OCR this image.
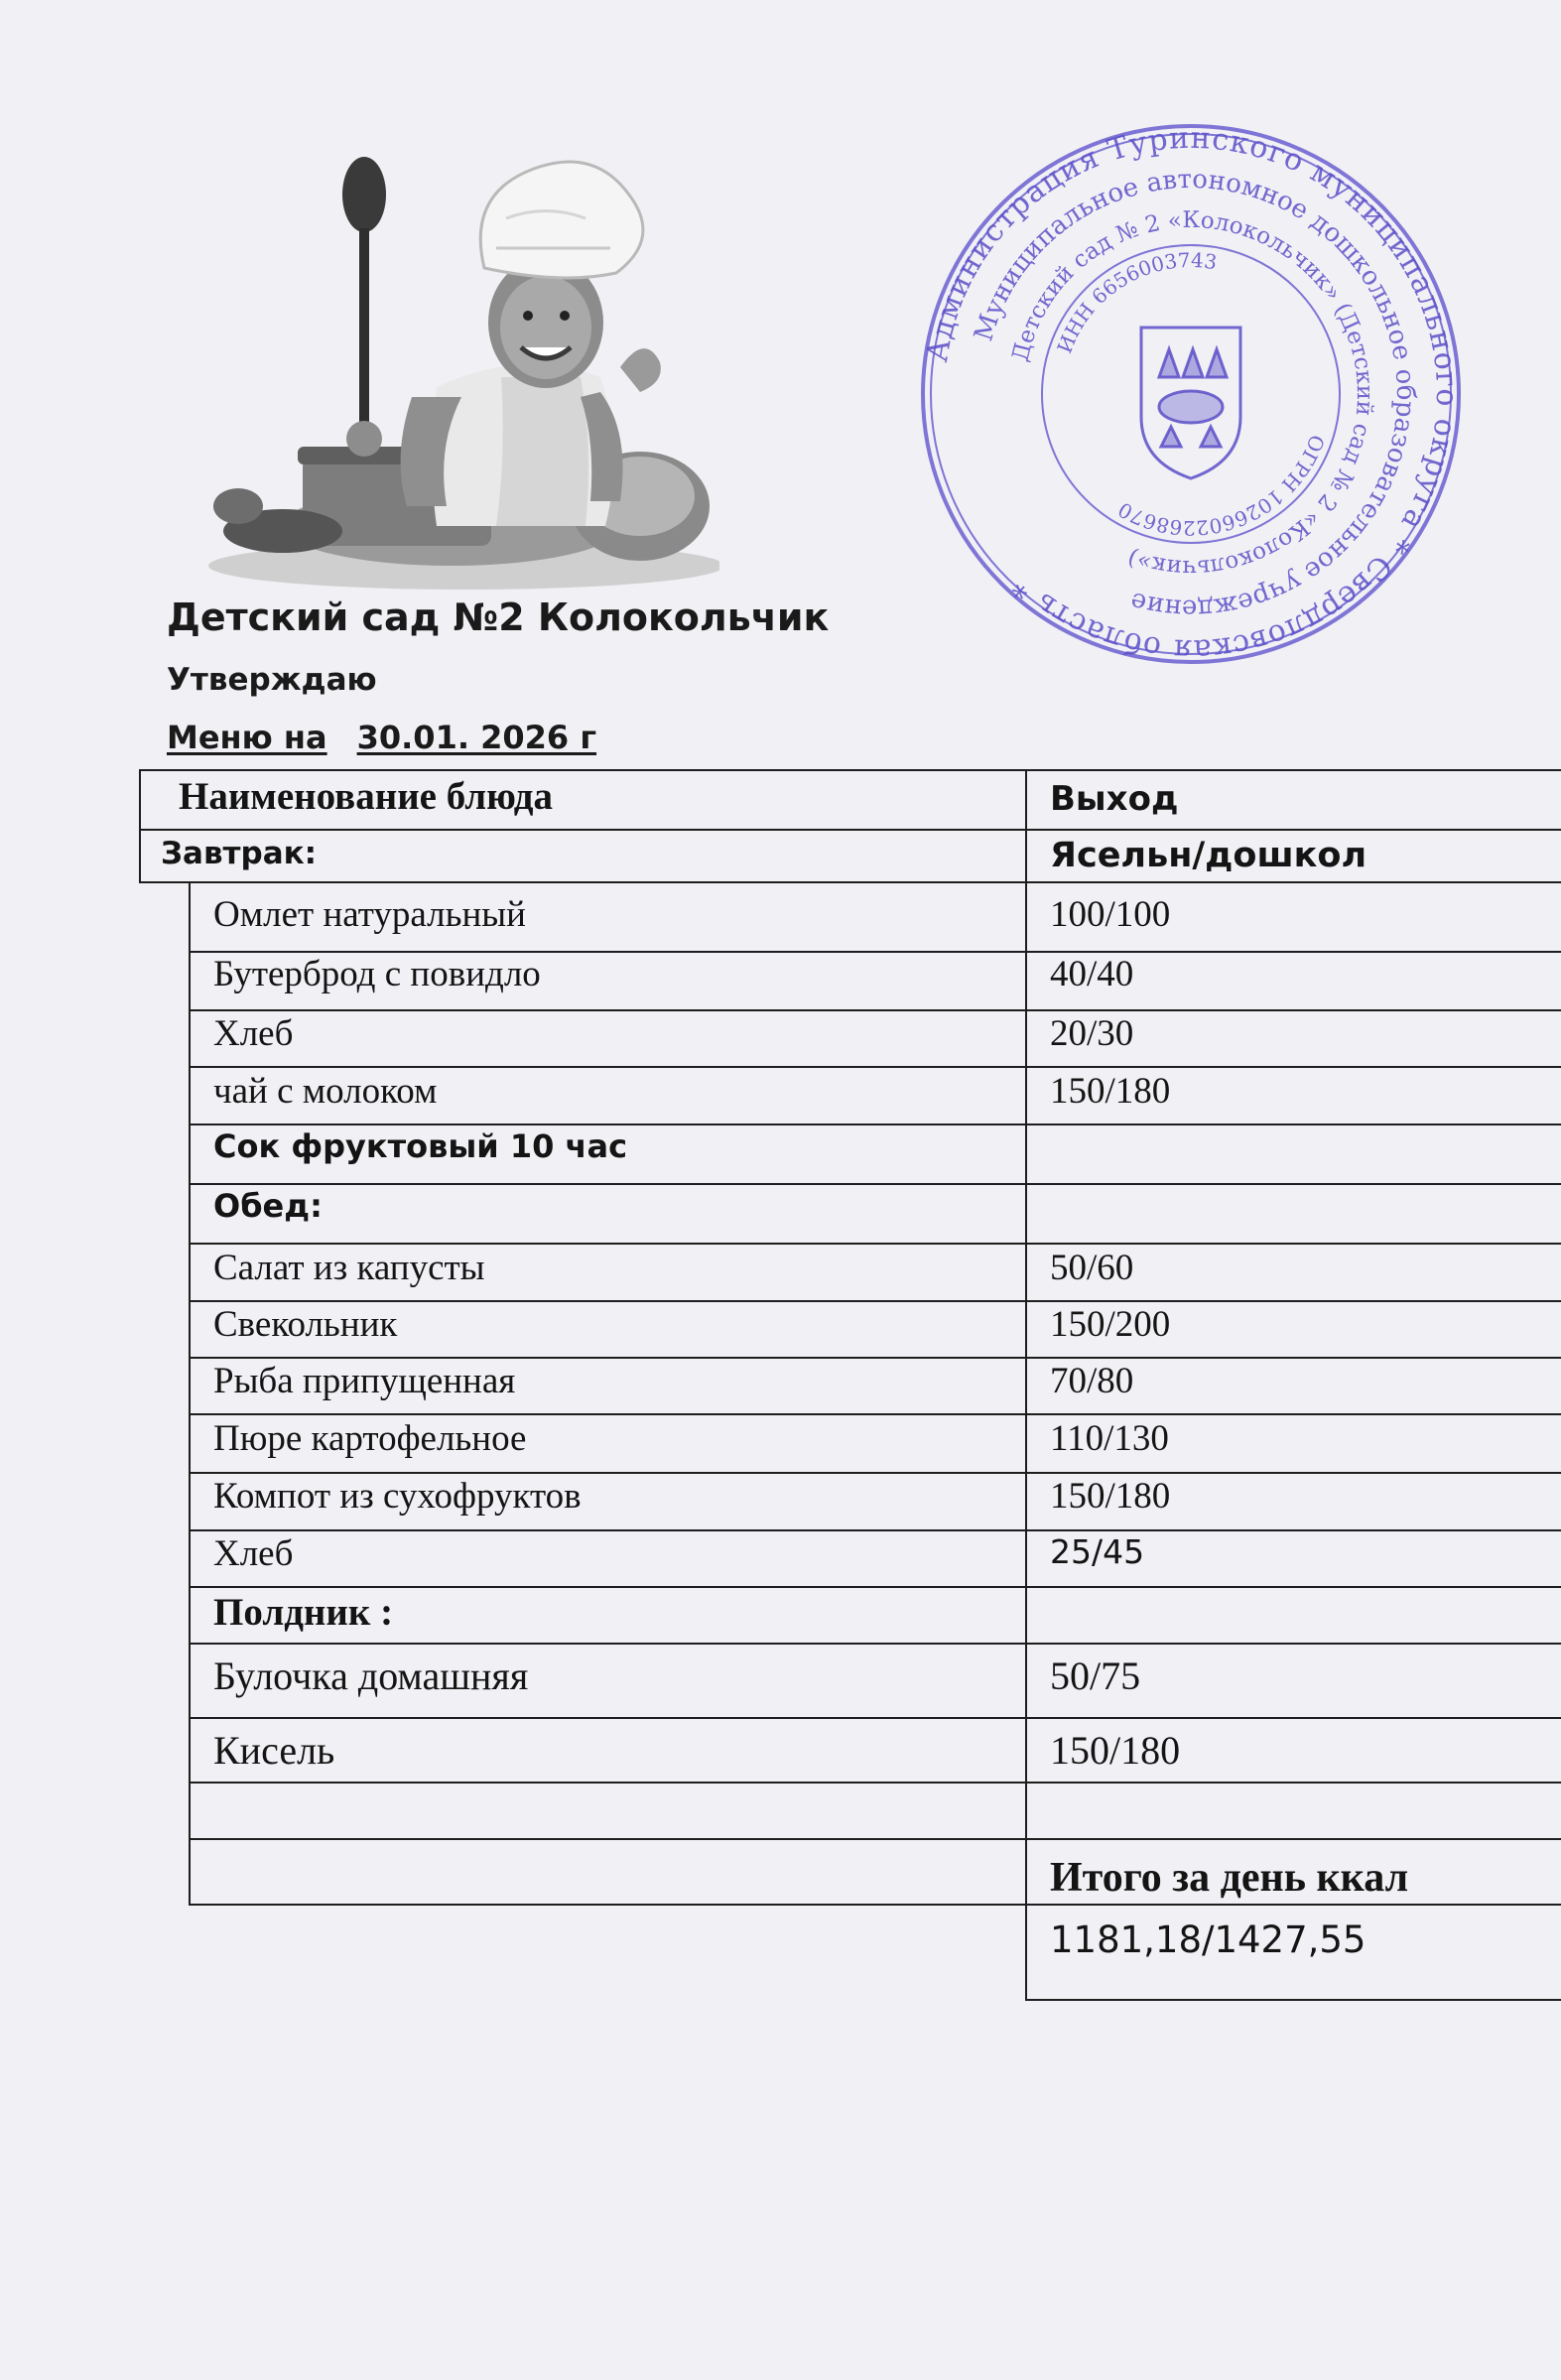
Администрация Туринского муниципального округа * Свердловская область *
Муниципальное автономное дошкольное образовательное учреждение
Детский сад № 2 «Колокольчик» (Детский сад № 2 «Колокольчик»)
ИНН 6656003743
ОГРН 1026602268670
Детский сад №2 Колокольчик
Утверждаю
Меню на 30.01. 2026 г
Наименование блюда	Выход
Завтрак:	Ясельн/дошкол
Омлет натуральный	100/100
Бутерброд с повидло	40/40
Хлеб	20/30
чай с молоком	150/180
Сок фруктовый 10 час
Обед:
Салат из капусты	50/60
Свекольник	150/200
Рыба припущенная	70/80
Пюре картофельное	110/130
Компот из сухофруктов	150/180
Хлеб	25/45
Полдник :
Булочка домашняя	50/75
Кисель	150/180
Итого за день ккал
1181,18/1427,55
